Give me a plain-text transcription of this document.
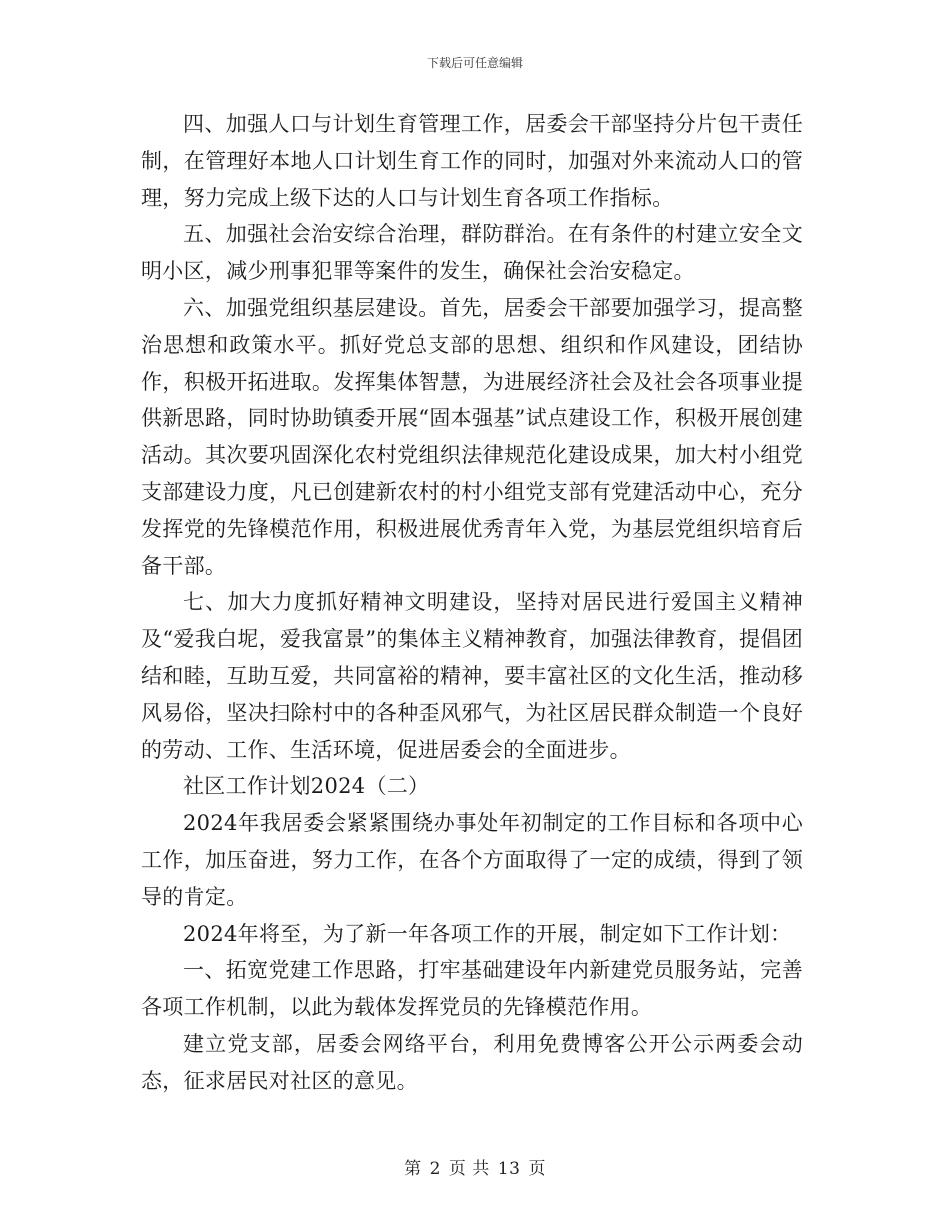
下载后可任意编辑

四、加强人口与计划生育管理工作，居委会干部坚持分片包干责任制，在管理好本地人口计划生育工作的同时，加强对外来流动人口的管理，努力完成上级下达的人口与计划生育各项工作指标。

五、加强社会治安综合治理，群防群治。在有条件的村建立安全文明小区，减少刑事犯罪等案件的发生，确保社会治安稳定。

六、加强党组织基层建设。首先，居委会干部要加强学习，提高整治思想和政策水平。抓好党总支部的思想、组织和作风建设，团结协作，积极开拓进取。发挥集体智慧，为进展经济社会及社会各项事业提供新思路，同时协助镇委开展“固本强基”试点建设工作，积极开展创建活动。其次要巩固深化农村党组织法律规范化建设成果，加大村小组党支部建设力度，凡已创建新农村的村小组党支部有党建活动中心，充分发挥党的先锋模范作用，积极进展优秀青年入党，为基层党组织培育后备干部。

七、加大力度抓好精神文明建设，坚持对居民进行爱国主义精神及“爱我白坭，爱我富景”的集体主义精神教育，加强法律教育，提倡团结和睦，互助互爱，共同富裕的精神，要丰富社区的文化生活，推动移风易俗，坚决扫除村中的各种歪风邪气，为社区居民群众制造一个良好的劳动、工作、生活环境，促进居委会的全面进步。

社区工作计划2024（二）

2024年我居委会紧紧围绕办事处年初制定的工作目标和各项中心工作，加压奋进，努力工作，在各个方面取得了一定的成绩，得到了领导的肯定。

2024年将至，为了新一年各项工作的开展，制定如下工作计划：

一、拓宽党建工作思路，打牢基础建设年内新建党员服务站，完善各项工作机制，以此为载体发挥党员的先锋模范作用。

建立党支部，居委会网络平台，利用免费博客公开公示两委会动态，征求居民对社区的意见。

第 2 页 共 13 页
